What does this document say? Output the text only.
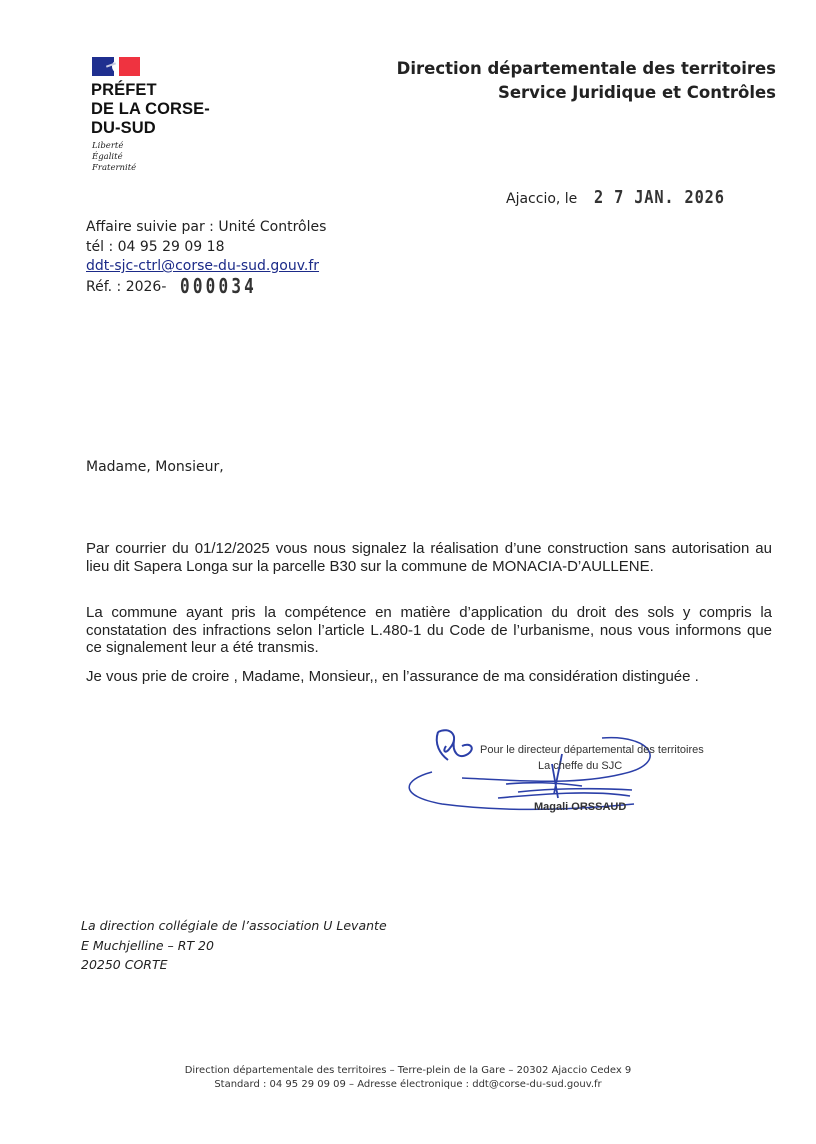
PRÉFET
DE LA CORSE-
DU-SUD
Liberté
Égalité
Fraternité
Direction départementale des territoires
Service Juridique et Contrôles
Ajaccio, le 2 7 JAN. 2026
Affaire suivie par : Unité Contrôles
tél : 04 95 29 09 18
ddt-sjc-ctrl@corse-du-sud.gouv.fr
Réf. : 2026- 000034
Madame, Monsieur,
Par courrier du 01/12/2025 vous nous signalez la réalisation d’une construction sans autorisation au lieu dit Sapera Longa sur la parcelle B30 sur la commune de MONACIA-D’AULLENE.
La commune ayant pris la compétence en matière d’application du droit des sols y compris la constatation des infractions selon l’article L.480-1 du Code de l’urbanisme, nous vous informons que ce signalement leur a été transmis.
Je vous prie de croire , Madame, Monsieur,, en l’assurance de ma considération distinguée .
Pour le directeur départemental des territoires
La cheffe du SJC
Magali ORSSAUD
La direction collégiale de l’association U Levante
E Muchjelline – RT 20
20250 CORTE
Direction départementale des territoires – Terre-plein de la Gare – 20302 Ajaccio Cedex 9
Standard : 04 95 29 09 09 – Adresse électronique : ddt@corse-du-sud.gouv.fr
